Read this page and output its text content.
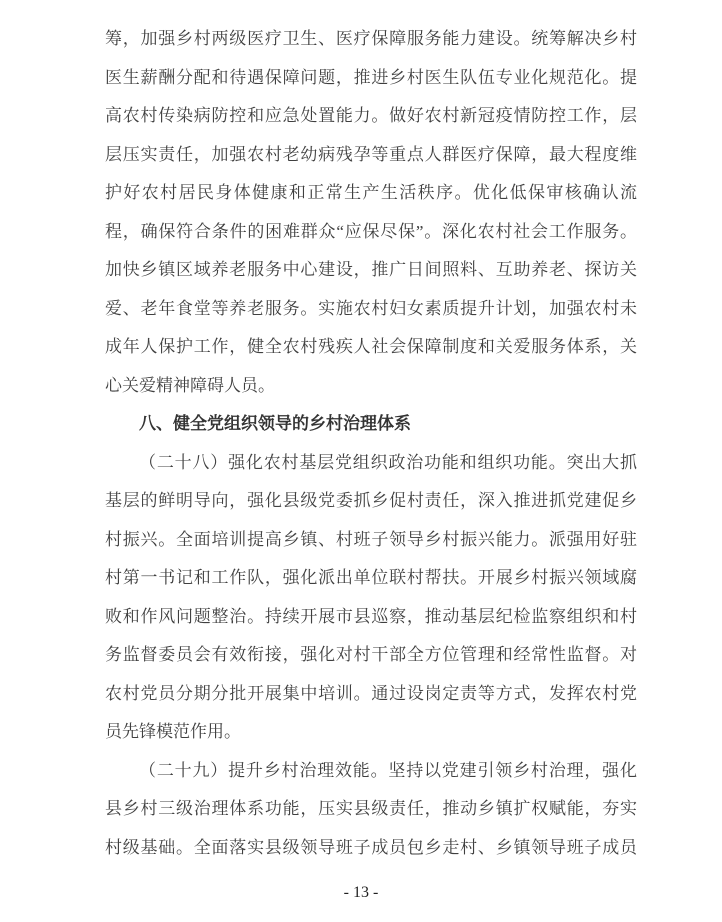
筹，加强乡村两级医疗卫生、医疗保障服务能力建设。统筹解决乡村
医生薪酬分配和待遇保障问题，推进乡村医生队伍专业化规范化。提
高农村传染病防控和应急处置能力。做好农村新冠疫情防控工作，层
层压实责任，加强农村老幼病残孕等重点人群医疗保障，最大程度维
护好农村居民身体健康和正常生产生活秩序。优化低保审核确认流
程，确保符合条件的困难群众“应保尽保”。深化农村社会工作服务。
加快乡镇区域养老服务中心建设，推广日间照料、互助养老、探访关
爱、老年食堂等养老服务。实施农村妇女素质提升计划，加强农村未
成年人保护工作，健全农村残疾人社会保障制度和关爱服务体系，关
心关爱精神障碍人员。
八、健全党组织领导的乡村治理体系
（二十八）强化农村基层党组织政治功能和组织功能。突出大抓
基层的鲜明导向，强化县级党委抓乡促村责任，深入推进抓党建促乡
村振兴。全面培训提高乡镇、村班子领导乡村振兴能力。派强用好驻
村第一书记和工作队，强化派出单位联村帮扶。开展乡村振兴领域腐
败和作风问题整治。持续开展市县巡察，推动基层纪检监察组织和村
务监督委员会有效衔接，强化对村干部全方位管理和经常性监督。对
农村党员分期分批开展集中培训。通过设岗定责等方式，发挥农村党
员先锋模范作用。
（二十九）提升乡村治理效能。坚持以党建引领乡村治理，强化
县乡村三级治理体系功能，压实县级责任，推动乡镇扩权赋能，夯实
村级基础。全面落实县级领导班子成员包乡走村、乡镇领导班子成员
- 13 -
